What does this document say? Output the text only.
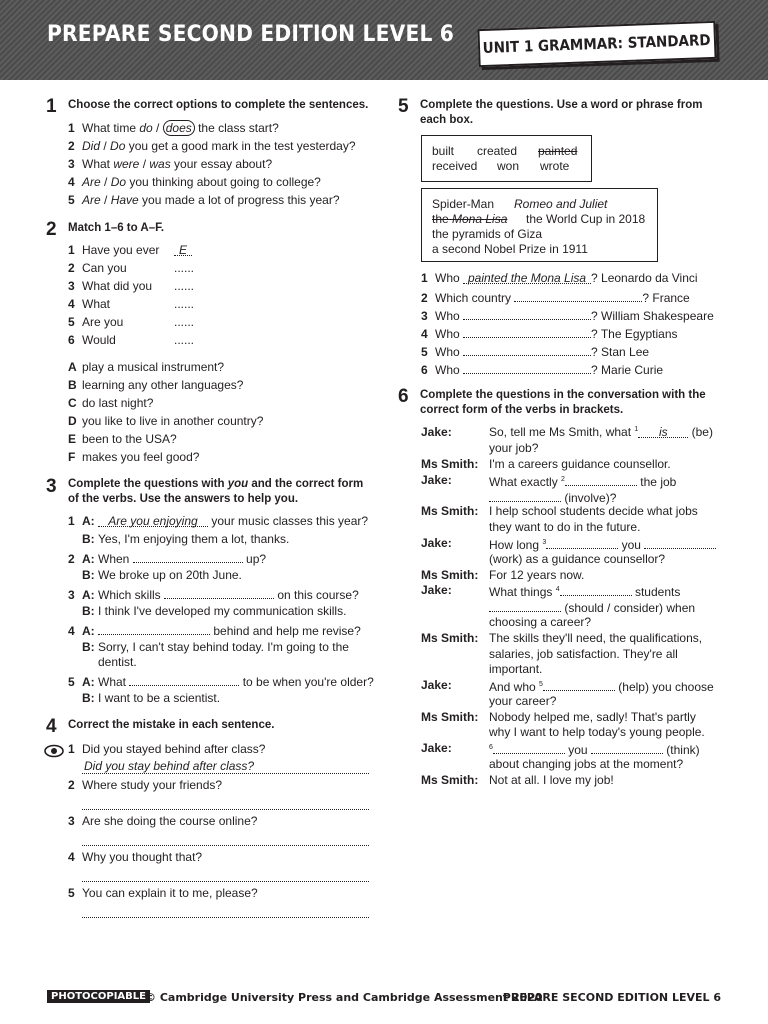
PREPARE SECOND EDITION LEVEL 6 UNIT 1 GRAMMAR: STANDARD
1 Choose the correct options to complete the sentences.
1 What time do / does the class start?
2 Did / Do you get a good mark in the test yesterday?
3 What were / was your essay about?
4 Are / Do you thinking about going to college?
5 Are / Have you made a lot of progress this year?
2 Match 1–6 to A–F.
1 Have you ever	E
2 Can you	......
3 What did you ......
4 What	......
5 Are you	......
6 Would	......
A play a musical instrument?
B learning any other languages?
C do last night?
D you like to live in another country?
E been to the USA?
F makes you feel good?
3 Complete the questions with you and the correct form
of the verbs. Use the answers to help you.
1 A: Are you enjoying your music classes this year?
B: Yes, I'm enjoying them a lot, thanks.
2 A: When	up?
B: We broke up on 20th June.
3 A: Which skills	on this course?
B: I think I've developed my communication skills.
4 A:	behind and help me revise?
B: Sorry, I can't stay behind today. I'm going to the
dentist.
5 A: What	to be when you're older?
B: I want to be a scientist.
4 Correct the mistake in each sentence.
1 Did you stayed behind after class?
Did you stay behind after class?
2 Where study your friends?
3 Are she doing the course online?
4 Why you thought that?
5 You can explain it to me, please?
5 Complete the questions. Use a word or phrase from
each box.
built created painted
received won wrote
Spider-Man Romeo and Juliet
the Mona Lisa the World Cup in 2018
the pyramids of Giza
a second Nobel Prize in 1911
1 Who painted the Mona Lisa ? Leonardo da Vinci
2 Which country	? France
3 Who	? William Shakespeare
4 Who	? The Egyptians
5 Who	? Stan Lee
6 Who	? Marie Curie
6 Complete the questions in the conversation with the
correct form of the verbs in brackets.
Jake:	So, tell me Ms Smith, what $^1$ is (be)
your job?
Ms Smith: I'm a careers guidance counsellor.
Jake:	What exactly $^2$	the job
(involve)?
Ms Smith: I help school students decide what jobs
they want to do in the future.
Jake:	How long $^3$	you
(work) as a guidance counsellor?
Ms Smith: For 12 years now.
Jake:	What things $^4$	students
(should / consider) when
choosing a career?
Ms Smith: The skills they'll need, the qualifications,
salaries, job satisfaction. They're all
important.
Jake:	And who $^5$	(help) you choose
your career?
Ms Smith: Nobody helped me, sadly! That's partly
why I want to help today's young people.
Jake:	$^6$	you	(think)
about changing jobs at the moment?
Ms Smith: Not at all. I love my job!
PHOTOCOPIABLE © Cambridge University Press and Cambridge Assessment 2020
PREPARE SECOND EDITION LEVEL 6
